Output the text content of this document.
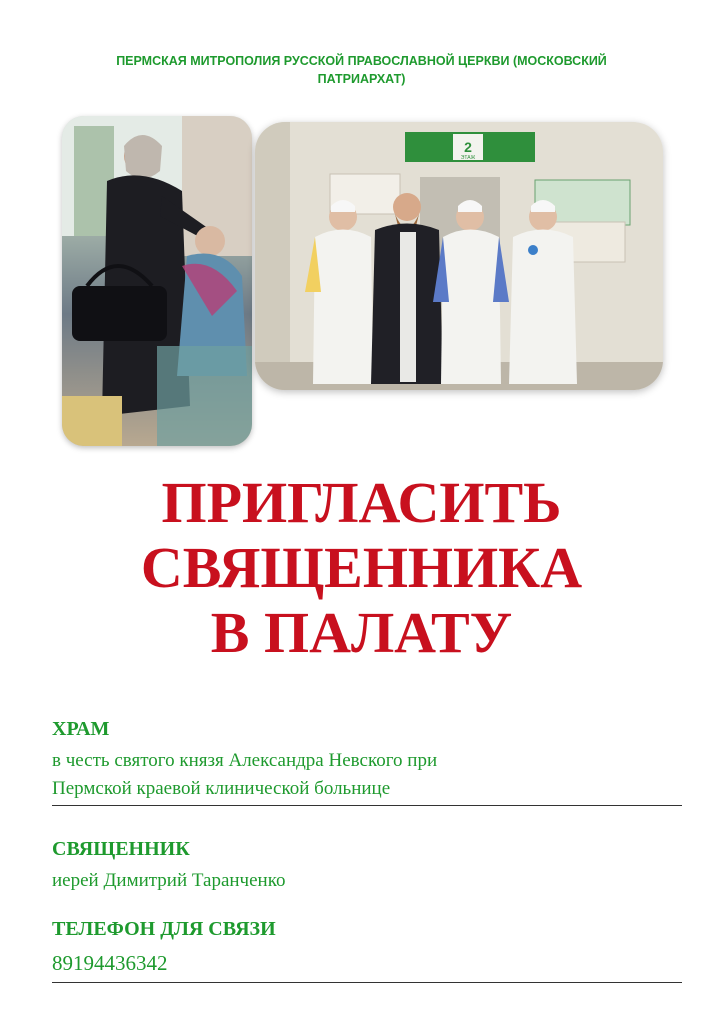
ПЕРМСКАЯ МИТРОПОЛИЯ РУССКОЙ ПРАВОСЛАВНОЙ ЦЕРКВИ (МОСКОВСКИЙ
ПАТРИАРХАТ)
2
ЭТАЖ
ПРИГЛАСИТЬ
СВЯЩЕННИКА
В ПАЛАТУ
ХРАМ
в честь святого князя Александра Невского при
Пермской краевой клинической больнице
СВЯЩЕННИК
иерей Димитрий Таранченко
ТЕЛЕФОН ДЛЯ СВЯЗИ
89194436342
